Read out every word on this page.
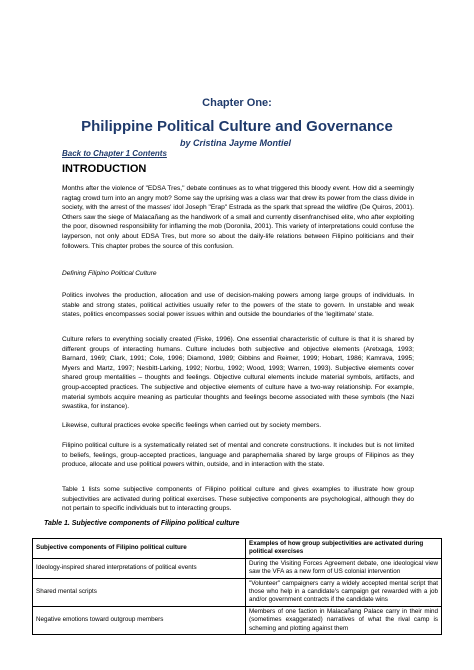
Chapter One:
Philippine Political Culture and Governance
by Cristina Jayme Montiel
Back to Chapter 1 Contents
INTRODUCTION

Months after the violence of "EDSA Tres," debate continues as to what triggered this bloody event. How did a seemingly ragtag crowd turn into an angry mob? Some say the uprising was a class war that drew its power from the class divide in society, with the arrest of the masses' idol Joseph "Erap" Estrada as the spark that spread the wildfire (De Quiros, 2001). Others saw the siege of Malacañang as the handiwork of a small and currently disenfranchised elite, who after exploiting the poor, disowned responsibility for inflaming the mob (Doronila, 2001). This variety of interpretations could confuse the layperson, not only about EDSA Tres, but more so about the daily-life relations between Filipino politicians and their followers. This chapter probes the source of this confusion.

Defining Filipino Political Culture

Politics involves the production, allocation and use of decision-making powers among large groups of individuals. In stable and strong states, political activities usually refer to the powers of the state to govern. In unstable and weak states, politics encompasses social power issues within and outside the boundaries of the 'legitimate' state.

Culture refers to everything socially created (Fiske, 1996). One essential characteristic of culture is that it is shared by different groups of interacting humans. Culture includes both subjective and objective elements (Aretxaga, 1993; Barnard, 1969; Clark, 1991; Cole, 1996; Diamond, 1989; Gibbins and Reimer, 1999; Hobart, 1986; Kamrava, 1995; Myers and Martz, 1997; Nesbitt-Larking, 1992; Norbu, 1992; Wood, 1993; Warren, 1993). Subjective elements cover shared group mentalities – thoughts and feelings. Objective cultural elements include material symbols, artifacts, and group-accepted practices. The subjective and objective elements of culture have a two-way relationship. For example, material symbols acquire meaning as particular thoughts and feelings become associated with these symbols (the Nazi swastika, for instance).

Likewise, cultural practices evoke specific feelings when carried out by society members.

Filipino political culture is a systematically related set of mental and concrete constructions. It includes but is not limited to beliefs, feelings, group-accepted practices, language and paraphernalia shared by large groups of Filipinos as they produce, allocate and use political powers within, outside, and in interaction with the state.

Table 1 lists some subjective components of Filipino political culture and gives examples to illustrate how group subjectivities are activated during political exercises. These subjective components are psychological, although they do not pertain to specific individuals but to interacting groups.

Table 1. Subjective components of Filipino political culture
Subjective components of Filipino political culture	Examples of how group subjectivities are activated during political exercises
Ideology-inspired shared interpretations of political events	During the Visiting Forces Agreement debate, one ideological view saw the VFA as a new form of US colonial intervention
Shared mental scripts	"Volunteer" campaigners carry a widely accepted mental script that those who help in a candidate's campaign get rewarded with a job and/or government contracts if the candidate wins
Negative emotions toward outgroup members	Members of one faction in Malacañang Palace carry in their mind (sometimes exaggerated) narratives of what the rival camp is scheming and plotting against them
